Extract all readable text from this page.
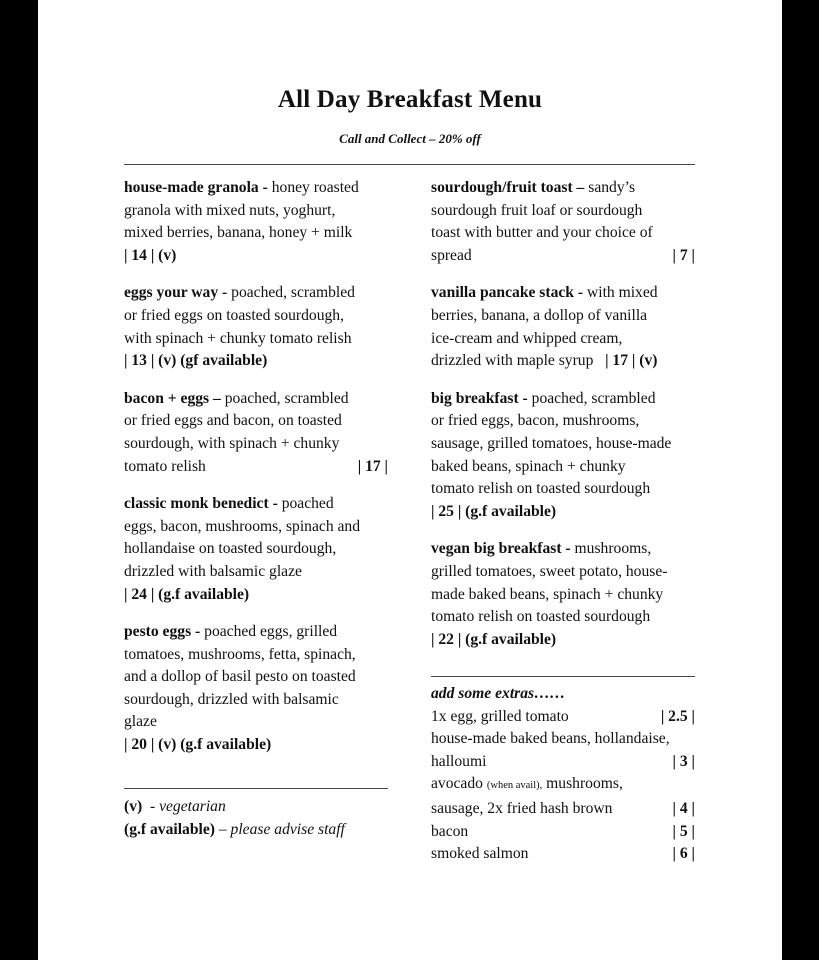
All Day Breakfast Menu
Call and Collect – 20% off
house-made granola - honey roasted
granola with mixed nuts, yoghurt,
mixed berries, banana, honey + milk
| 14 | (v)
eggs your way - poached, scrambled
or fried eggs on toasted sourdough,
with spinach + chunky tomato relish
| 13 | (v) (gf available)
bacon + eggs – poached, scrambled
or fried eggs and bacon, on toasted
sourdough, with spinach + chunky
tomato relish	| 17 |
classic monk benedict - poached
eggs, bacon, mushrooms, spinach and
hollandaise on toasted sourdough,
drizzled with balsamic glaze
| 24 | (g.f available)
pesto eggs - poached eggs, grilled
tomatoes, mushrooms, fetta, spinach,
and a dollop of basil pesto on toasted
sourdough, drizzled with balsamic
glaze
| 20 | (v) (g.f available)
(v) - vegetarian
(g.f available) – please advise staff
sourdough/fruit toast – sandy’s
sourdough fruit loaf or sourdough
toast with butter and your choice of
spread	| 7 |
vanilla pancake stack - with mixed
berries, banana, a dollop of vanilla
ice-cream and whipped cream,
drizzled with maple syrup | 17 | (v)
big breakfast - poached, scrambled
or fried eggs, bacon, mushrooms,
sausage, grilled tomatoes, house-made
baked beans, spinach + chunky
tomato relish on toasted sourdough
| 25 | (g.f available)
vegan big breakfast - mushrooms,
grilled tomatoes, sweet potato, house-
made baked beans, spinach + chunky
tomato relish on toasted sourdough
| 22 | (g.f available)
add some extras……
1x egg, grilled tomato	| 2.5 |
house-made baked beans, hollandaise,
halloumi	| 3 |
avocado (when avail), mushrooms,
sausage, 2x fried hash brown	| 4 |
bacon	| 5 |
smoked salmon	| 6 |
